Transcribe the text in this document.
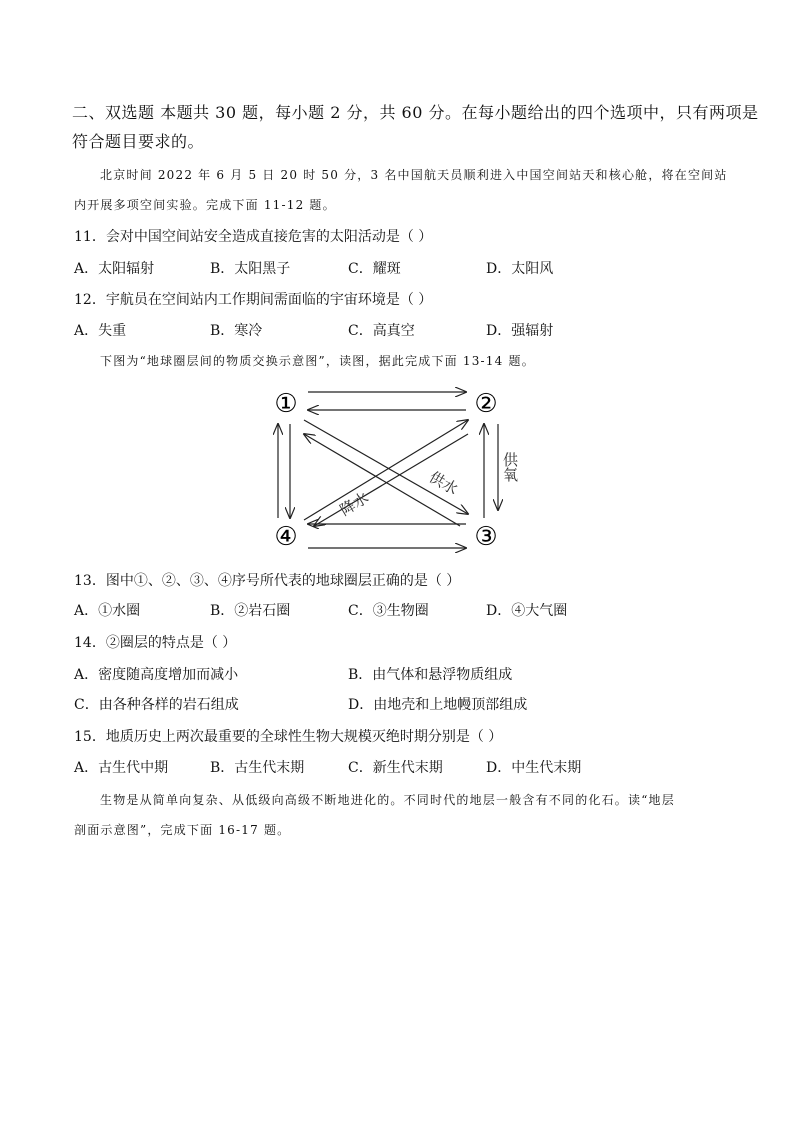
二、双选题 本题共 30 题，每小题 2 分，共 60 分。在每小题给出的四个选项中，只有两项是
符合题目要求的。
北京时间 2022 年 6 月 5 日 20 时 50 分，3 名中国航天员顺利进入中国空间站天和核心舱，将在空间站
内开展多项空间实验。完成下面 11-12 题。
11．会对中国空间站安全造成直接危害的太阳活动是（ ）
A．太阳辐射	B．太阳黑子	C．耀斑	D．太阳风
12．宇航员在空间站内工作期间需面临的宇宙环境是（ ）
A．失重	B．寒冷	C．高真空	D．强辐射
下图为“地球圈层间的物质交换示意图”，读图，据此完成下面 13-14 题。
①	②
③
④
供水
降水
供氧
13．图中①、②、③、④序号所代表的地球圈层正确的是（ ）
A．①水圈	B．②岩石圈	C．③生物圈	D．④大气圈
14．②圈层的特点是（ ）
A．密度随高度增加而减小	B．由气体和悬浮物质组成
C．由各种各样的岩石组成	D．由地壳和上地幔顶部组成
15．地质历史上两次最重要的全球性生物大规模灭绝时期分别是（ ）
A．古生代中期	B．古生代末期	C．新生代末期	D．中生代末期
生物是从简单向复杂、从低级向高级不断地进化的。不同时代的地层一般含有不同的化石。读“地层
剖面示意图”，完成下面 16-17 题。
